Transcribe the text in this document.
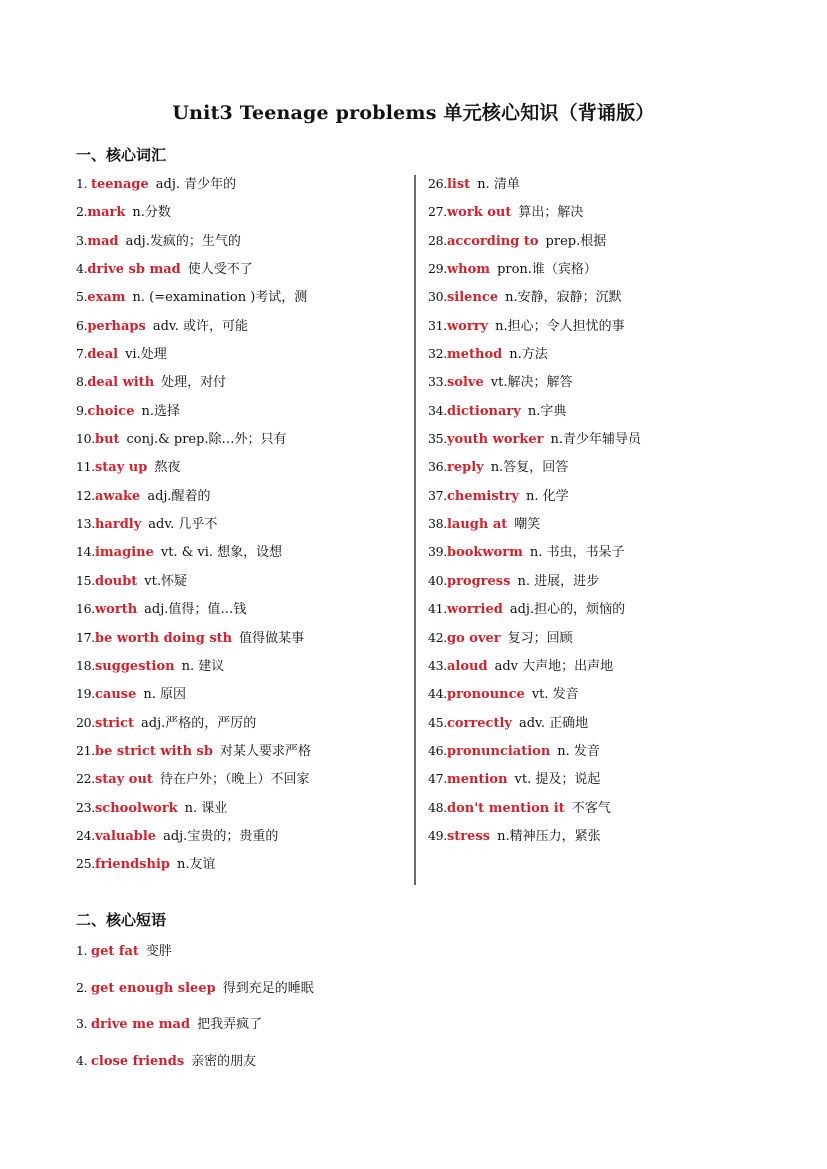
Unit3 Teenage problems 单元核心知识（背诵版）
一、核心词汇
1. teenage adj. 青少年的
2.mark n.分数
3.mad adj.发疯的；生气的
4.drive sb mad 使人受不了
5.exam n. (=examination )考试，测
6.perhaps adv. 或许，可能
7.deal vi.处理
8.deal with 处理，对付
9.choice n.选择
10.but conj.& prep.除…外；只有
11.stay up 熬夜
12.awake adj.醒着的
13.hardly adv. 几乎不
14.imagine vt. & vi. 想象，设想
15.doubt vt.怀疑
16.worth adj.值得；值…钱
17.be worth doing sth 值得做某事
18.suggestion n. 建议
19.cause n. 原因
20.strict adj.严格的，严厉的
21.be strict with sb 对某人要求严格
22.stay out 待在户外；（晚上）不回家
23.schoolwork n. 课业
24.valuable adj.宝贵的；贵重的
25.friendship n.友谊
26.list n. 清单
27.work out 算出；解决
28.according to prep.根据
29.whom pron.谁（宾格）
30.silence n.安静，寂静；沉默
31.worry n.担心；令人担忧的事
32.method n.方法
33.solve vt.解决；解答
34.dictionary n.字典
35.youth worker n.青少年辅导员
36.reply n.答复，回答
37.chemistry n. 化学
38.laugh at 嘲笑
39.bookworm n. 书虫，书呆子
40.progress n. 进展，进步
41.worried adj.担心的，烦恼的
42.go over 复习；回顾
43.aloud adv 大声地；出声地
44.pronounce vt. 发音
45.correctly adv. 正确地
46.pronunciation n. 发音
47.mention vt. 提及；说起
48.don't mention it 不客气
49.stress n.精神压力，紧张
二、核心短语
1. get fat 变胖
2. get enough sleep 得到充足的睡眠
3. drive me mad 把我弄疯了
4. close friends 亲密的朋友
